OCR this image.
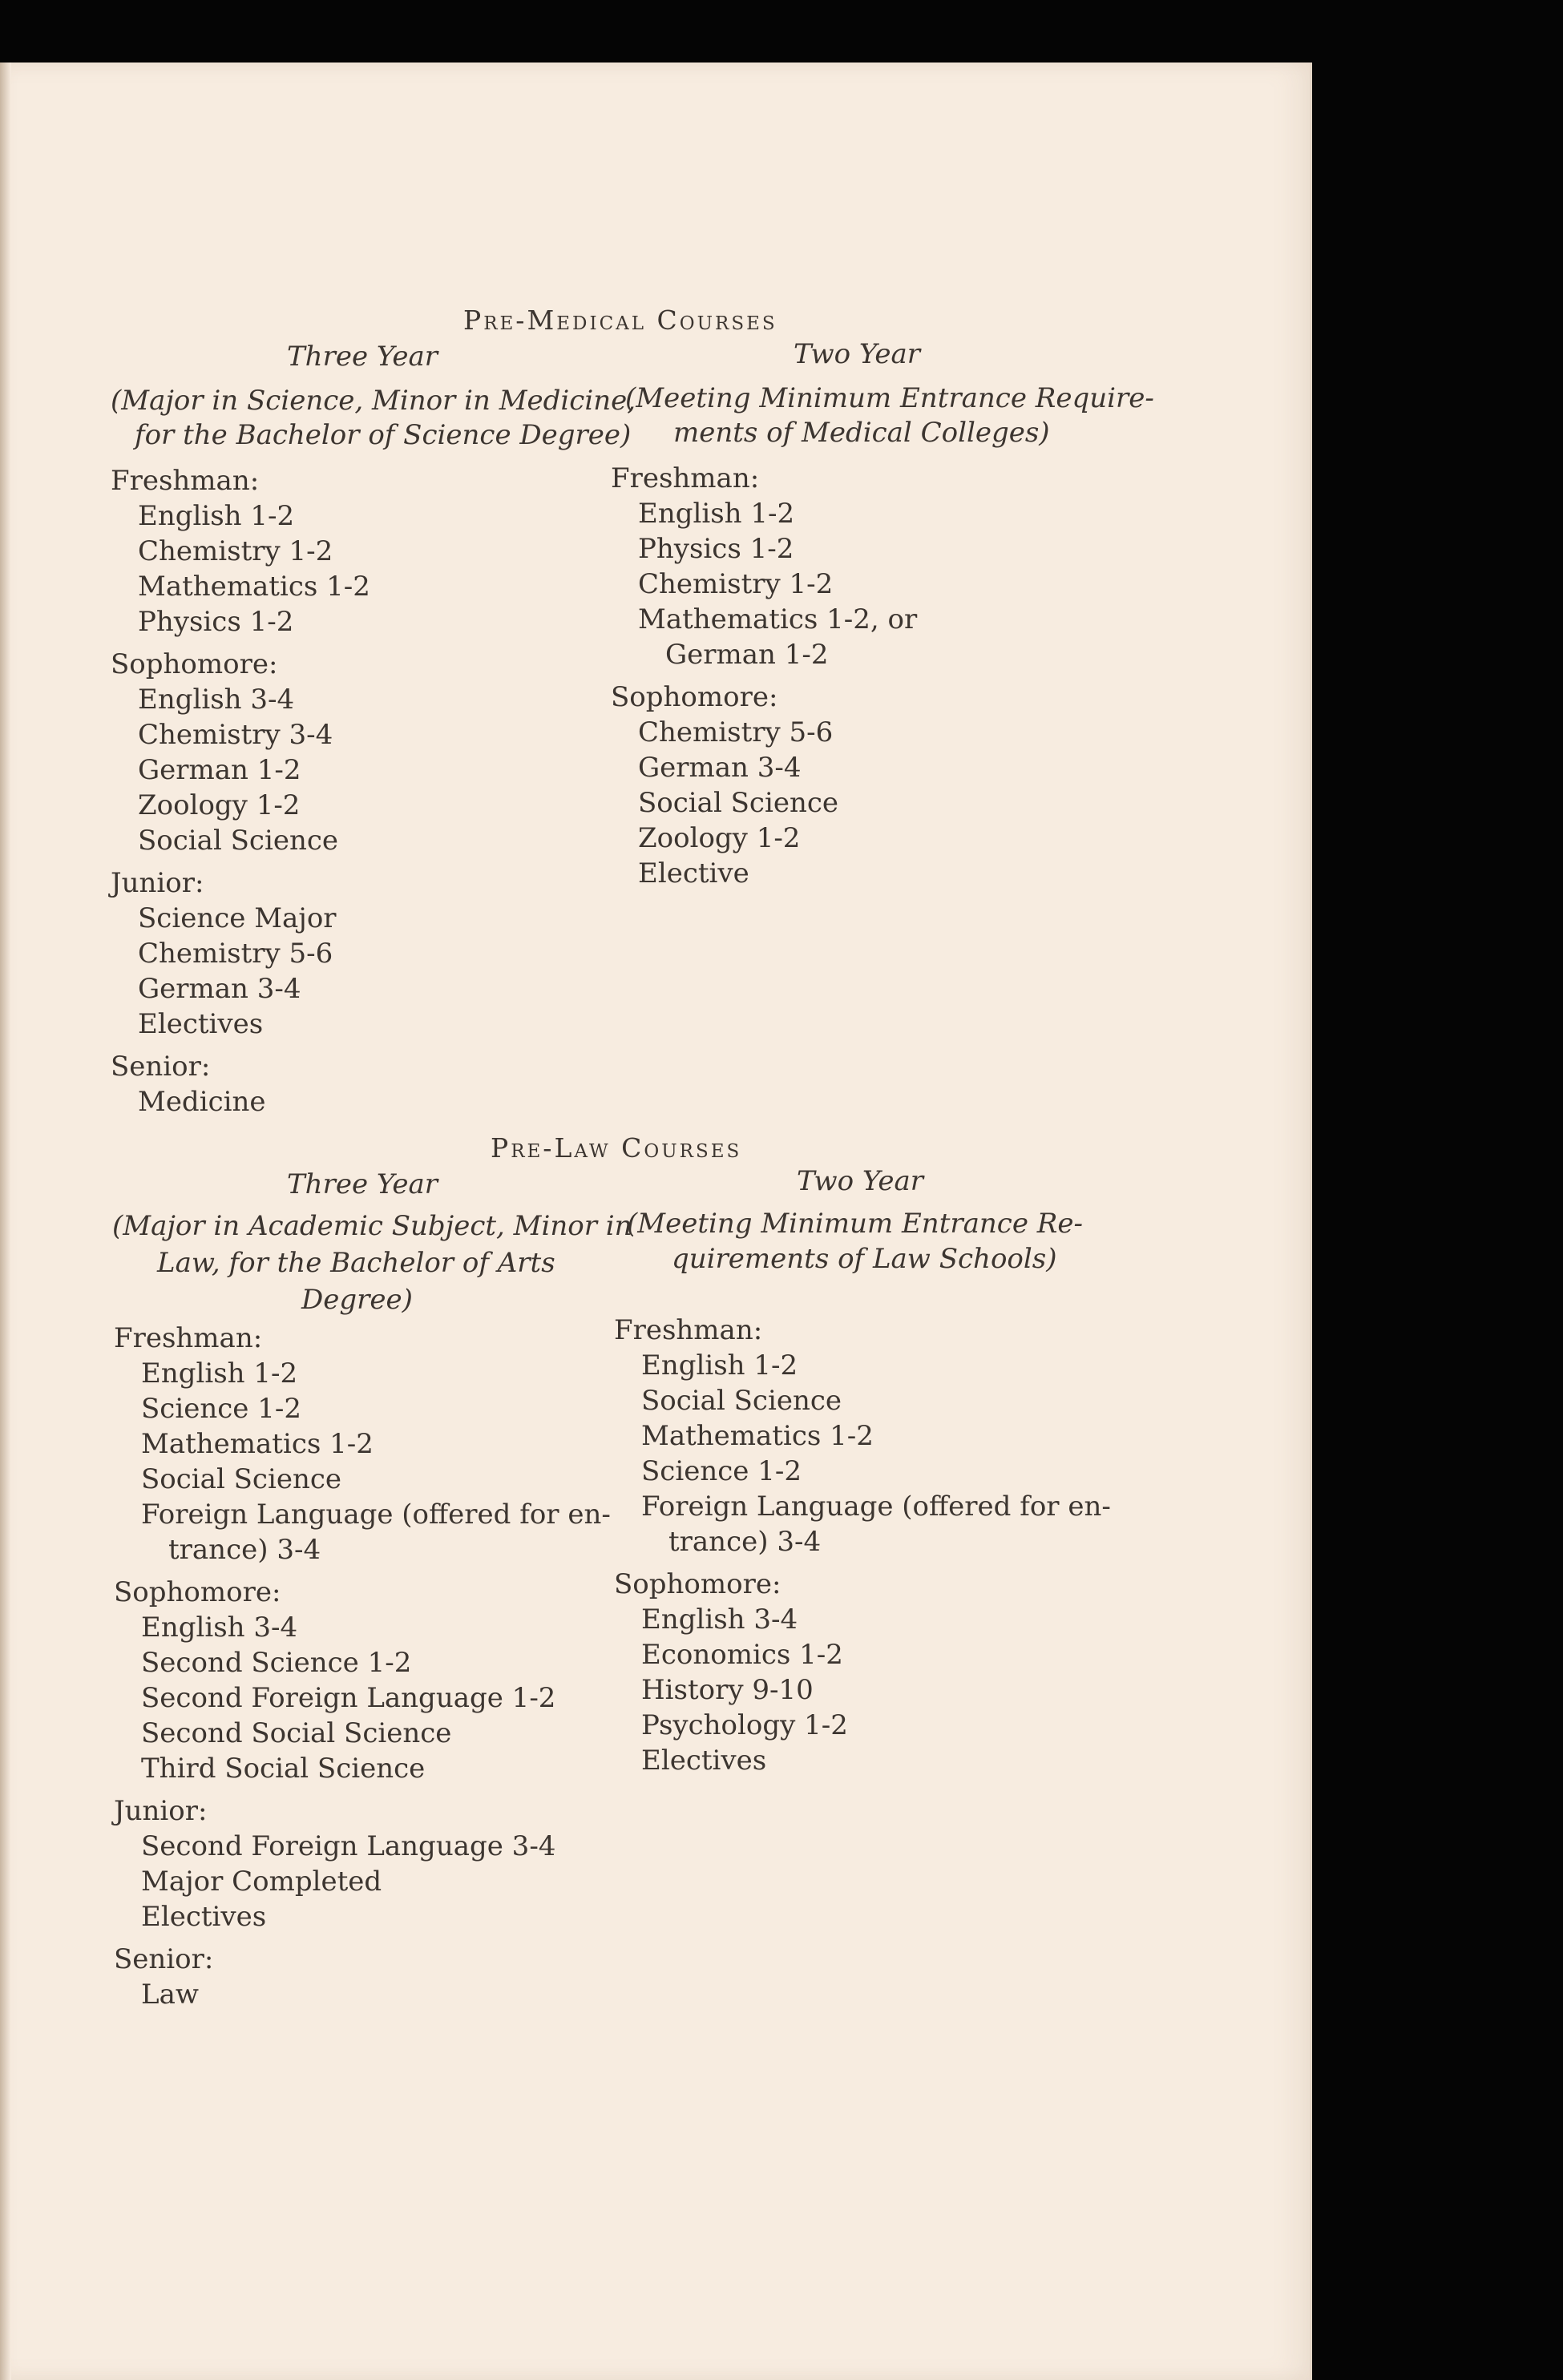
Pre-Medical Courses
Three Year
(Major in Science, Minor in Medicine,
for the Bachelor of Science Degree)
Two Year
(Meeting Minimum Entrance Require-
ments of Medical Colleges)
Freshman:
English 1-2
Chemistry 1-2
Mathematics 1-2
Physics 1-2
Sophomore:
English 3-4
Chemistry 3-4
German 1-2
Zoology 1-2
Social Science
Junior:
Science Major
Chemistry 5-6
German 3-4
Electives
Senior:
Medicine
Freshman:
English 1-2
Physics 1-2
Chemistry 1-2
Mathematics 1-2, or
German 1-2
Sophomore:
Chemistry 5-6
German 3-4
Social Science
Zoology 1-2
Elective
Pre-Law Courses
Three Year
(Major in Academic Subject, Minor in
Law, for the Bachelor of Arts
Degree)
Two Year
(Meeting Minimum Entrance Re-
quirements of Law Schools)
Freshman:
English 1-2
Science 1-2
Mathematics 1-2
Social Science
Foreign Language (offered for en-
trance) 3-4
Sophomore:
English 3-4
Second Science 1-2
Second Foreign Language 1-2
Second Social Science
Third Social Science
Junior:
Second Foreign Language 3-4
Major Completed
Electives
Senior:
Law
Freshman:
English 1-2
Social Science
Mathematics 1-2
Science 1-2
Foreign Language (offered for en-
trance) 3-4
Sophomore:
English 3-4
Economics 1-2
History 9-10
Psychology 1-2
Electives
